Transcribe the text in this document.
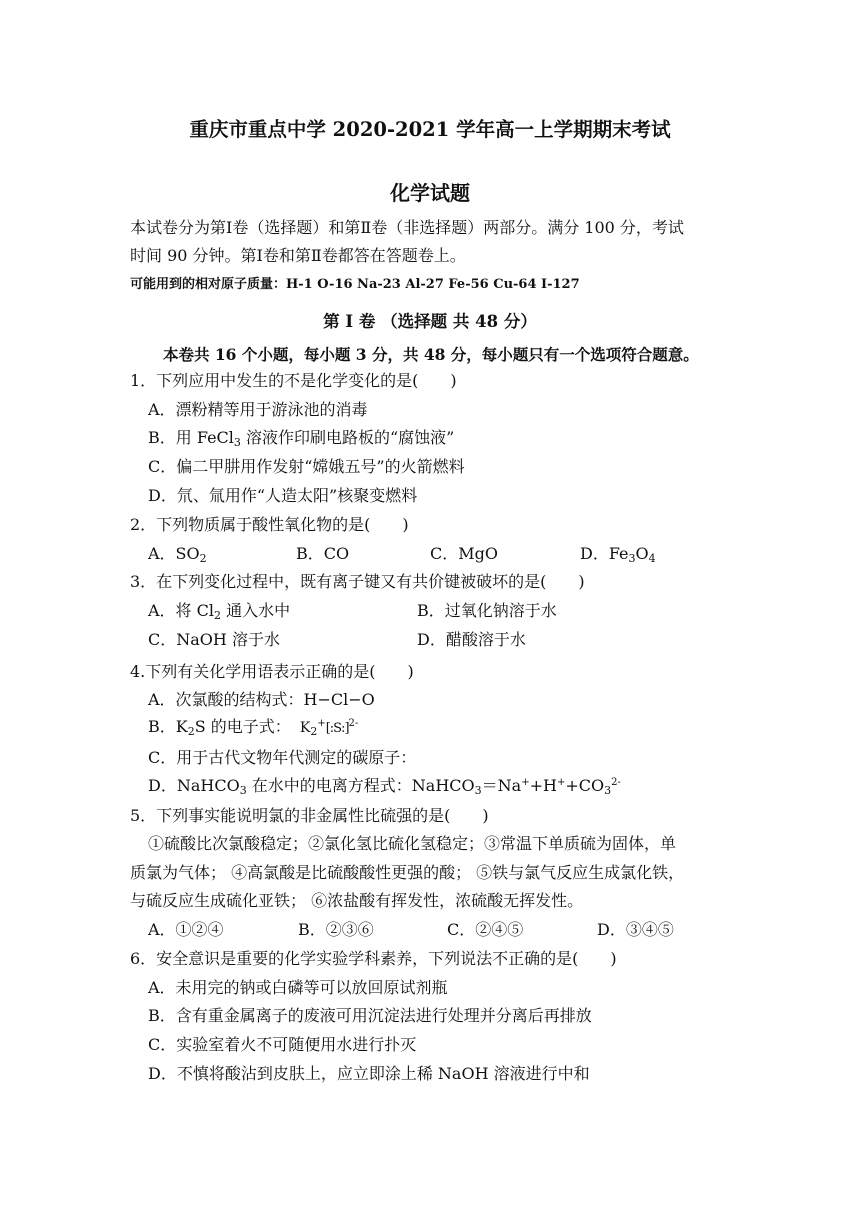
重庆市重点中学 2020-2021 学年高一上学期期末考试
化学试题
本试卷分为第Ⅰ卷（选择题）和第Ⅱ卷（非选择题）两部分。满分 100 分，考试
时间 90 分钟。第Ⅰ卷和第Ⅱ卷都答在答题卷上。
可能用到的相对原子质量：H-1 O-16 Na-23 Al-27 Fe-56 Cu-64 I-127
第 I 卷 （选择题 共 48 分）
本卷共 16 个小题，每小题 3 分，共 48 分，每小题只有一个选项符合题意。
1．下列应用中发生的不是化学变化的是(　　)
A．漂粉精等用于游泳池的消毒
B．用 FeCl$_3$ 溶液作印刷电路板的“腐蚀液”
C．偏二甲肼用作发射“嫦娥五号”的火箭燃料
D．氘、氚用作“人造太阳”核聚变燃料
2．下列物质属于酸性氧化物的是(　　)
A．$SO_2$	B．CO	C．MgO	D．$Fe_3O_4$
3．在下列变化过程中，既有离子键又有共价键被破坏的是(　　)
A．将 $Cl_2$ 通入水中	B．过氧化钠溶于水
C．NaOH 溶于水	D．醋酸溶于水
4.下列有关化学用语表示正确的是(　　)
A．次氯酸的结构式：H−Cl−O
B．$K_2S$ 的电子式： $K_2^+[:S:]^{2-}$
C．用于古代文物年代测定的碳原子：
D．NaHCO$_3$ 在水中的电离方程式：$NaHCO_3=Na^++H^++CO_3^{2-}$
5．下列事实能说明氯的非金属性比硫强的是(　　)
①硫酸比次氯酸稳定；②氯化氢比硫化氢稳定；③常温下单质硫为固体，单
质氯为气体； ④高氯酸是比硫酸酸性更强的酸； ⑤铁与氯气反应生成氯化铁，
与硫反应生成硫化亚铁； ⑥浓盐酸有挥发性，浓硫酸无挥发性。
A．①②④	B．②③⑥	C．②④⑤	D．③④⑤
6．安全意识是重要的化学实验学科素养，下列说法不正确的是(　　)
A．未用完的钠或白磷等可以放回原试剂瓶
B．含有重金属离子的废液可用沉淀法进行处理并分离后再排放
C．实验室着火不可随便用水进行扑灭
D．不慎将酸沾到皮肤上，应立即涂上稀 NaOH 溶液进行中和
